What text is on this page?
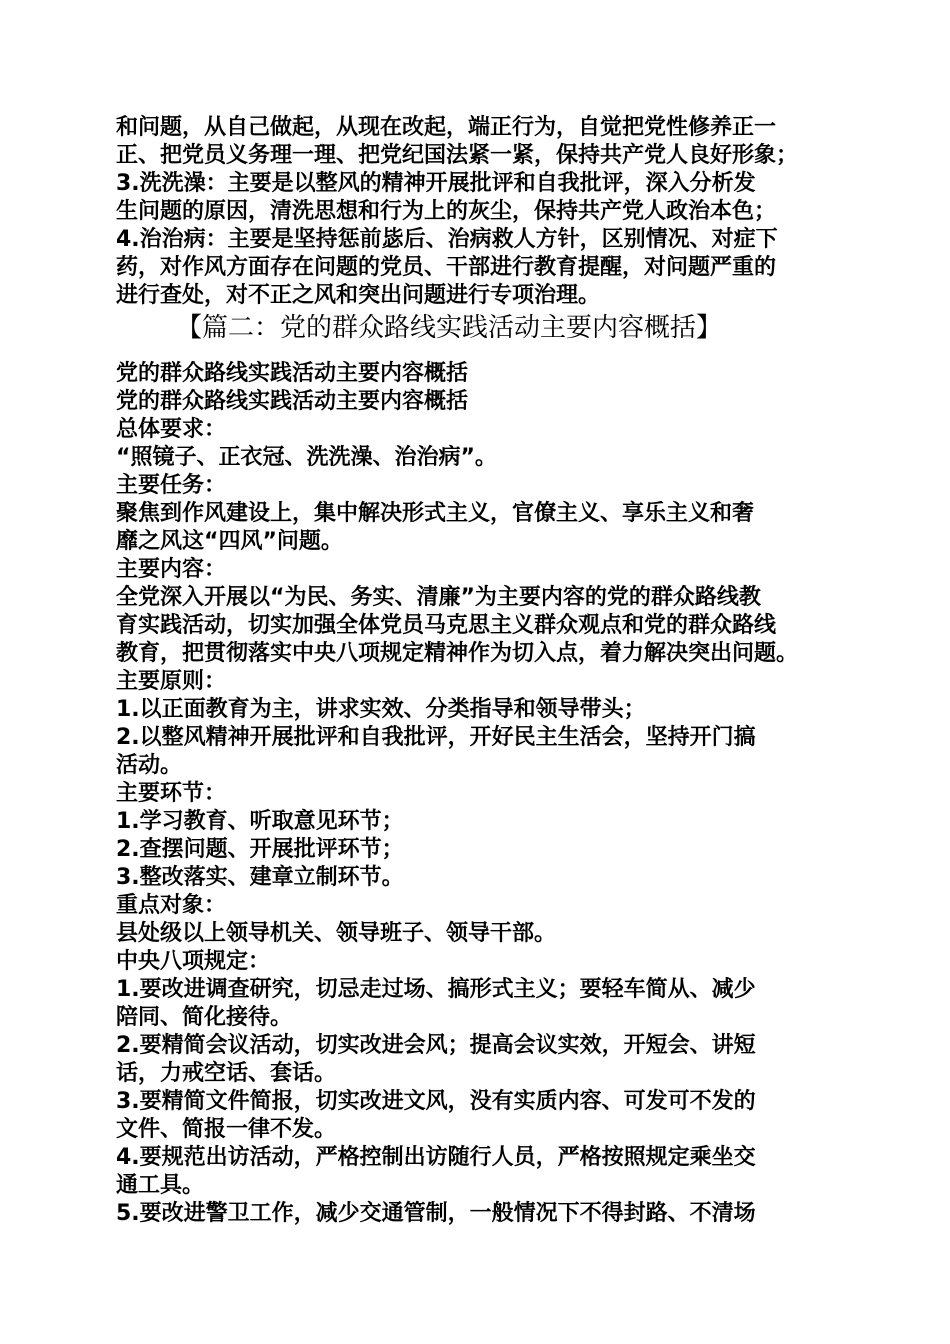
和问题，从自己做起，从现在改起，端正行为，自觉把党性修养正一
正、把党员义务理一理、把党纪国法紧一紧，保持共产党人良好形象；
3.洗洗澡：主要是以整风的精神开展批评和自我批评，深入分析发
生问题的原因，清洗思想和行为上的灰尘，保持共产党人政治本色；
4.治治病：主要是坚持惩前毖后、治病救人方针，区别情况、对症下
药，对作风方面存在问题的党员、干部进行教育提醒，对问题严重的
进行查处，对不正之风和突出问题进行专项治理。
【篇二：党的群众路线实践活动主要内容概括】
党的群众路线实践活动主要内容概括
党的群众路线实践活动主要内容概括
总体要求：
“照镜子、正衣冠、洗洗澡、治治病”。
主要任务：
聚焦到作风建设上，集中解决形式主义，官僚主义、享乐主义和奢
靡之风这“四风”问题。
主要内容：
全党深入开展以“为民、务实、清廉”为主要内容的党的群众路线教
育实践活动，切实加强全体党员马克思主义群众观点和党的群众路线
教育，把贯彻落实中央八项规定精神作为切入点，着力解决突出问题。
主要原则：
1.以正面教育为主，讲求实效、分类指导和领导带头；
2.以整风精神开展批评和自我批评，开好民主生活会，坚持开门搞
活动。
主要环节：
1.学习教育、听取意见环节；
2.查摆问题、开展批评环节；
3.整改落实、建章立制环节。
重点对象：
县处级以上领导机关、领导班子、领导干部。
中央八项规定：
1.要改进调查研究，切忌走过场、搞形式主义；要轻车简从、减少
陪同、简化接待。
2.要精简会议活动，切实改进会风；提高会议实效，开短会、讲短
话，力戒空话、套话。
3.要精简文件简报，切实改进文风，没有实质内容、可发可不发的
文件、简报一律不发。
4.要规范出访活动，严格控制出访随行人员，严格按照规定乘坐交
通工具。
5.要改进警卫工作，减少交通管制，一般情况下不得封路、不清场
